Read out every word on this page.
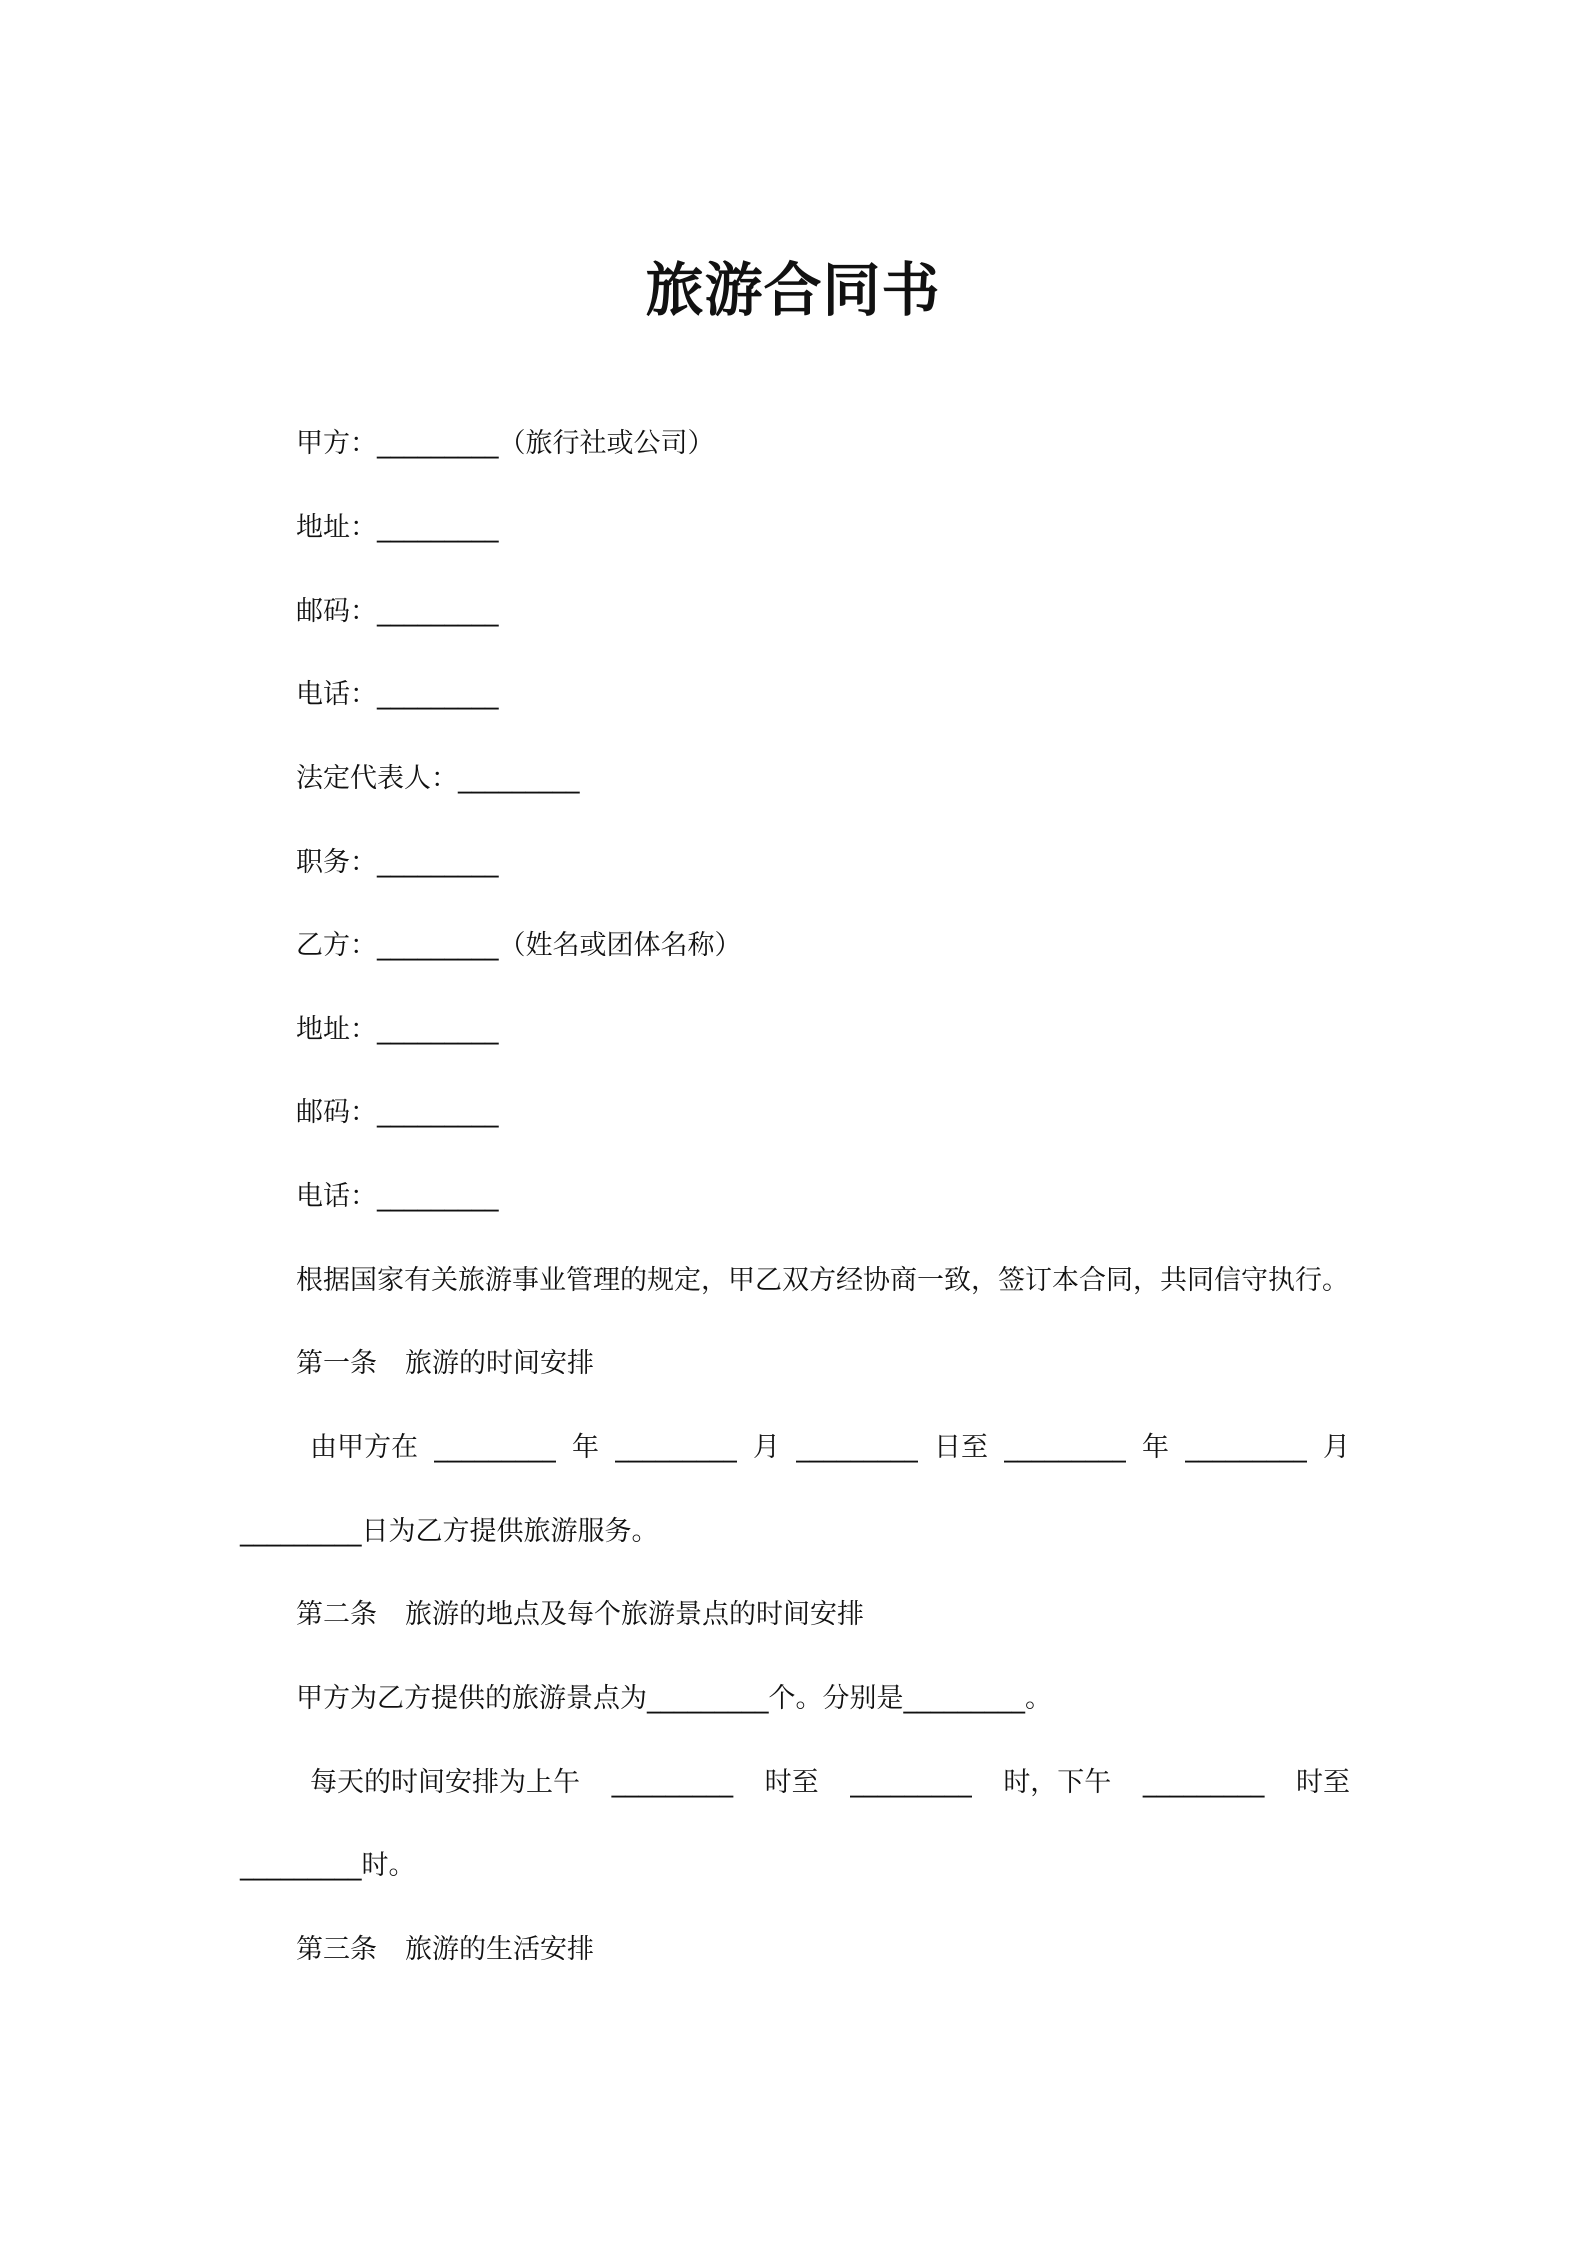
旅游合同书
甲方：_________（旅行社或公司）
地址：_________
邮码：_________
电话：_________
法定代表人：_________
职务：_________
乙方：_________（姓名或团体名称）
地址：_________
邮码：_________
电话：_________
根据国家有关旅游事业管理的规定，甲乙双方经协商一致，签订本合同，共同信守执行。
第一条 旅游的时间安排
由甲方在 _________ 年 _________ 月 _________ 日至 _________ 年 _________ 月
_________日为乙方提供旅游服务。
第二条 旅游的地点及每个旅游景点的时间安排
甲方为乙方提供的旅游景点为_________个。分别是_________。
每天的时间安排为上午 _________ 时至 _________ 时，下午 _________ 时至
_________时。
第三条 旅游的生活安排
